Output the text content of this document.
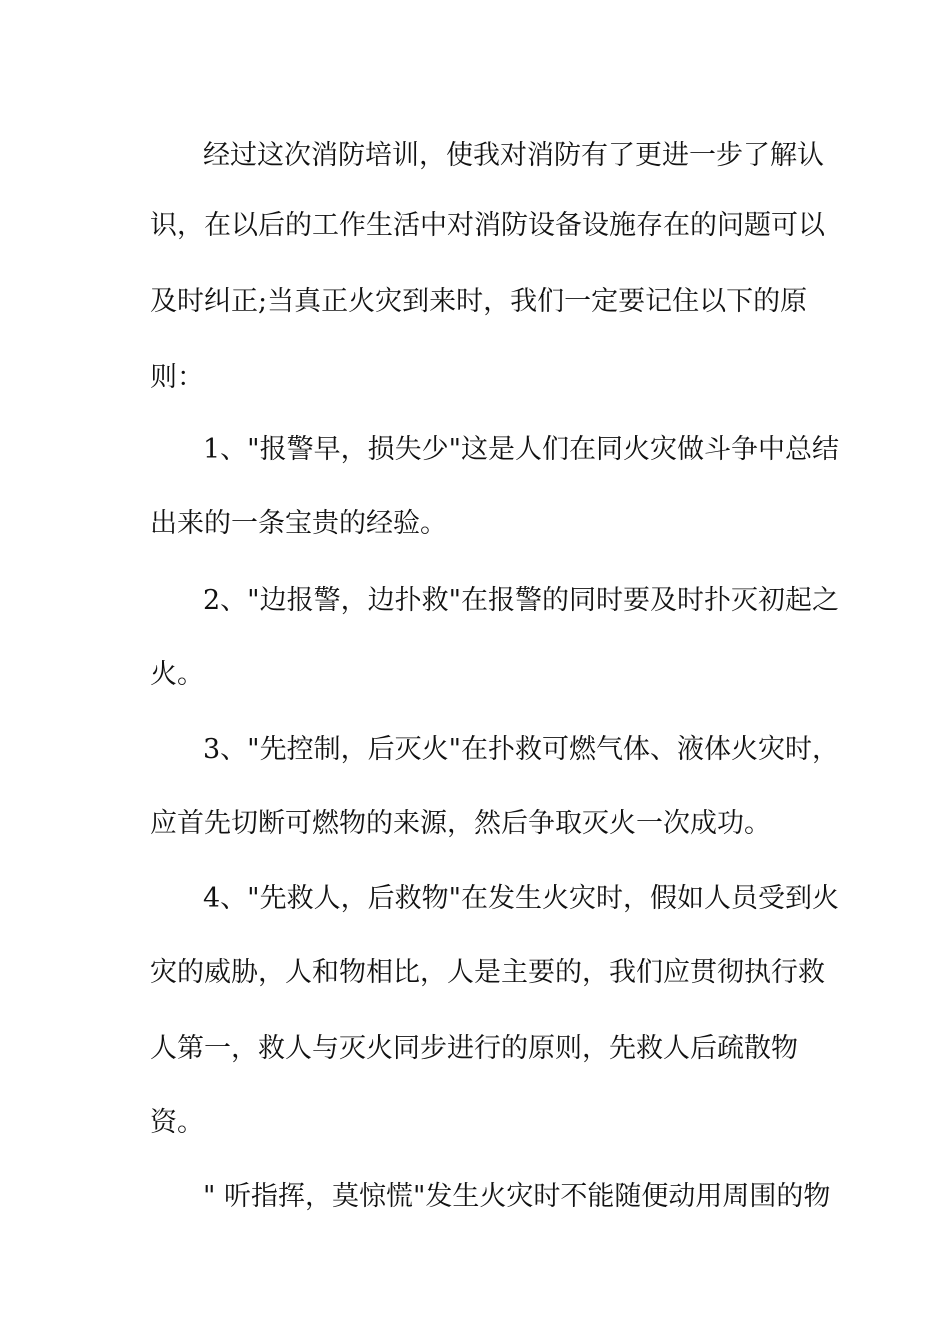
经过这次消防培训，使我对消防有了更进一步了解认

识，在以后的工作生活中对消防设备设施存在的问题可以

及时纠正;当真正火灾到来时，我们一定要记住以下的原

则：

1、"报警早，损失少"这是人们在同火灾做斗争中总结

出来的一条宝贵的经验。

2、"边报警，边扑救"在报警的同时要及时扑灭初起之

火。

3、"先控制，后灭火"在扑救可燃气体、液体火灾时，

应首先切断可燃物的来源，然后争取灭火一次成功。

4、"先救人，后救物"在发生火灾时，假如人员受到火

灾的威胁，人和物相比，人是主要的，我们应贯彻执行救

人第一，救人与灭火同步进行的原则，先救人后疏散物

资。

" 听指挥，莫惊慌"发生火灾时不能随便动用周围的物
